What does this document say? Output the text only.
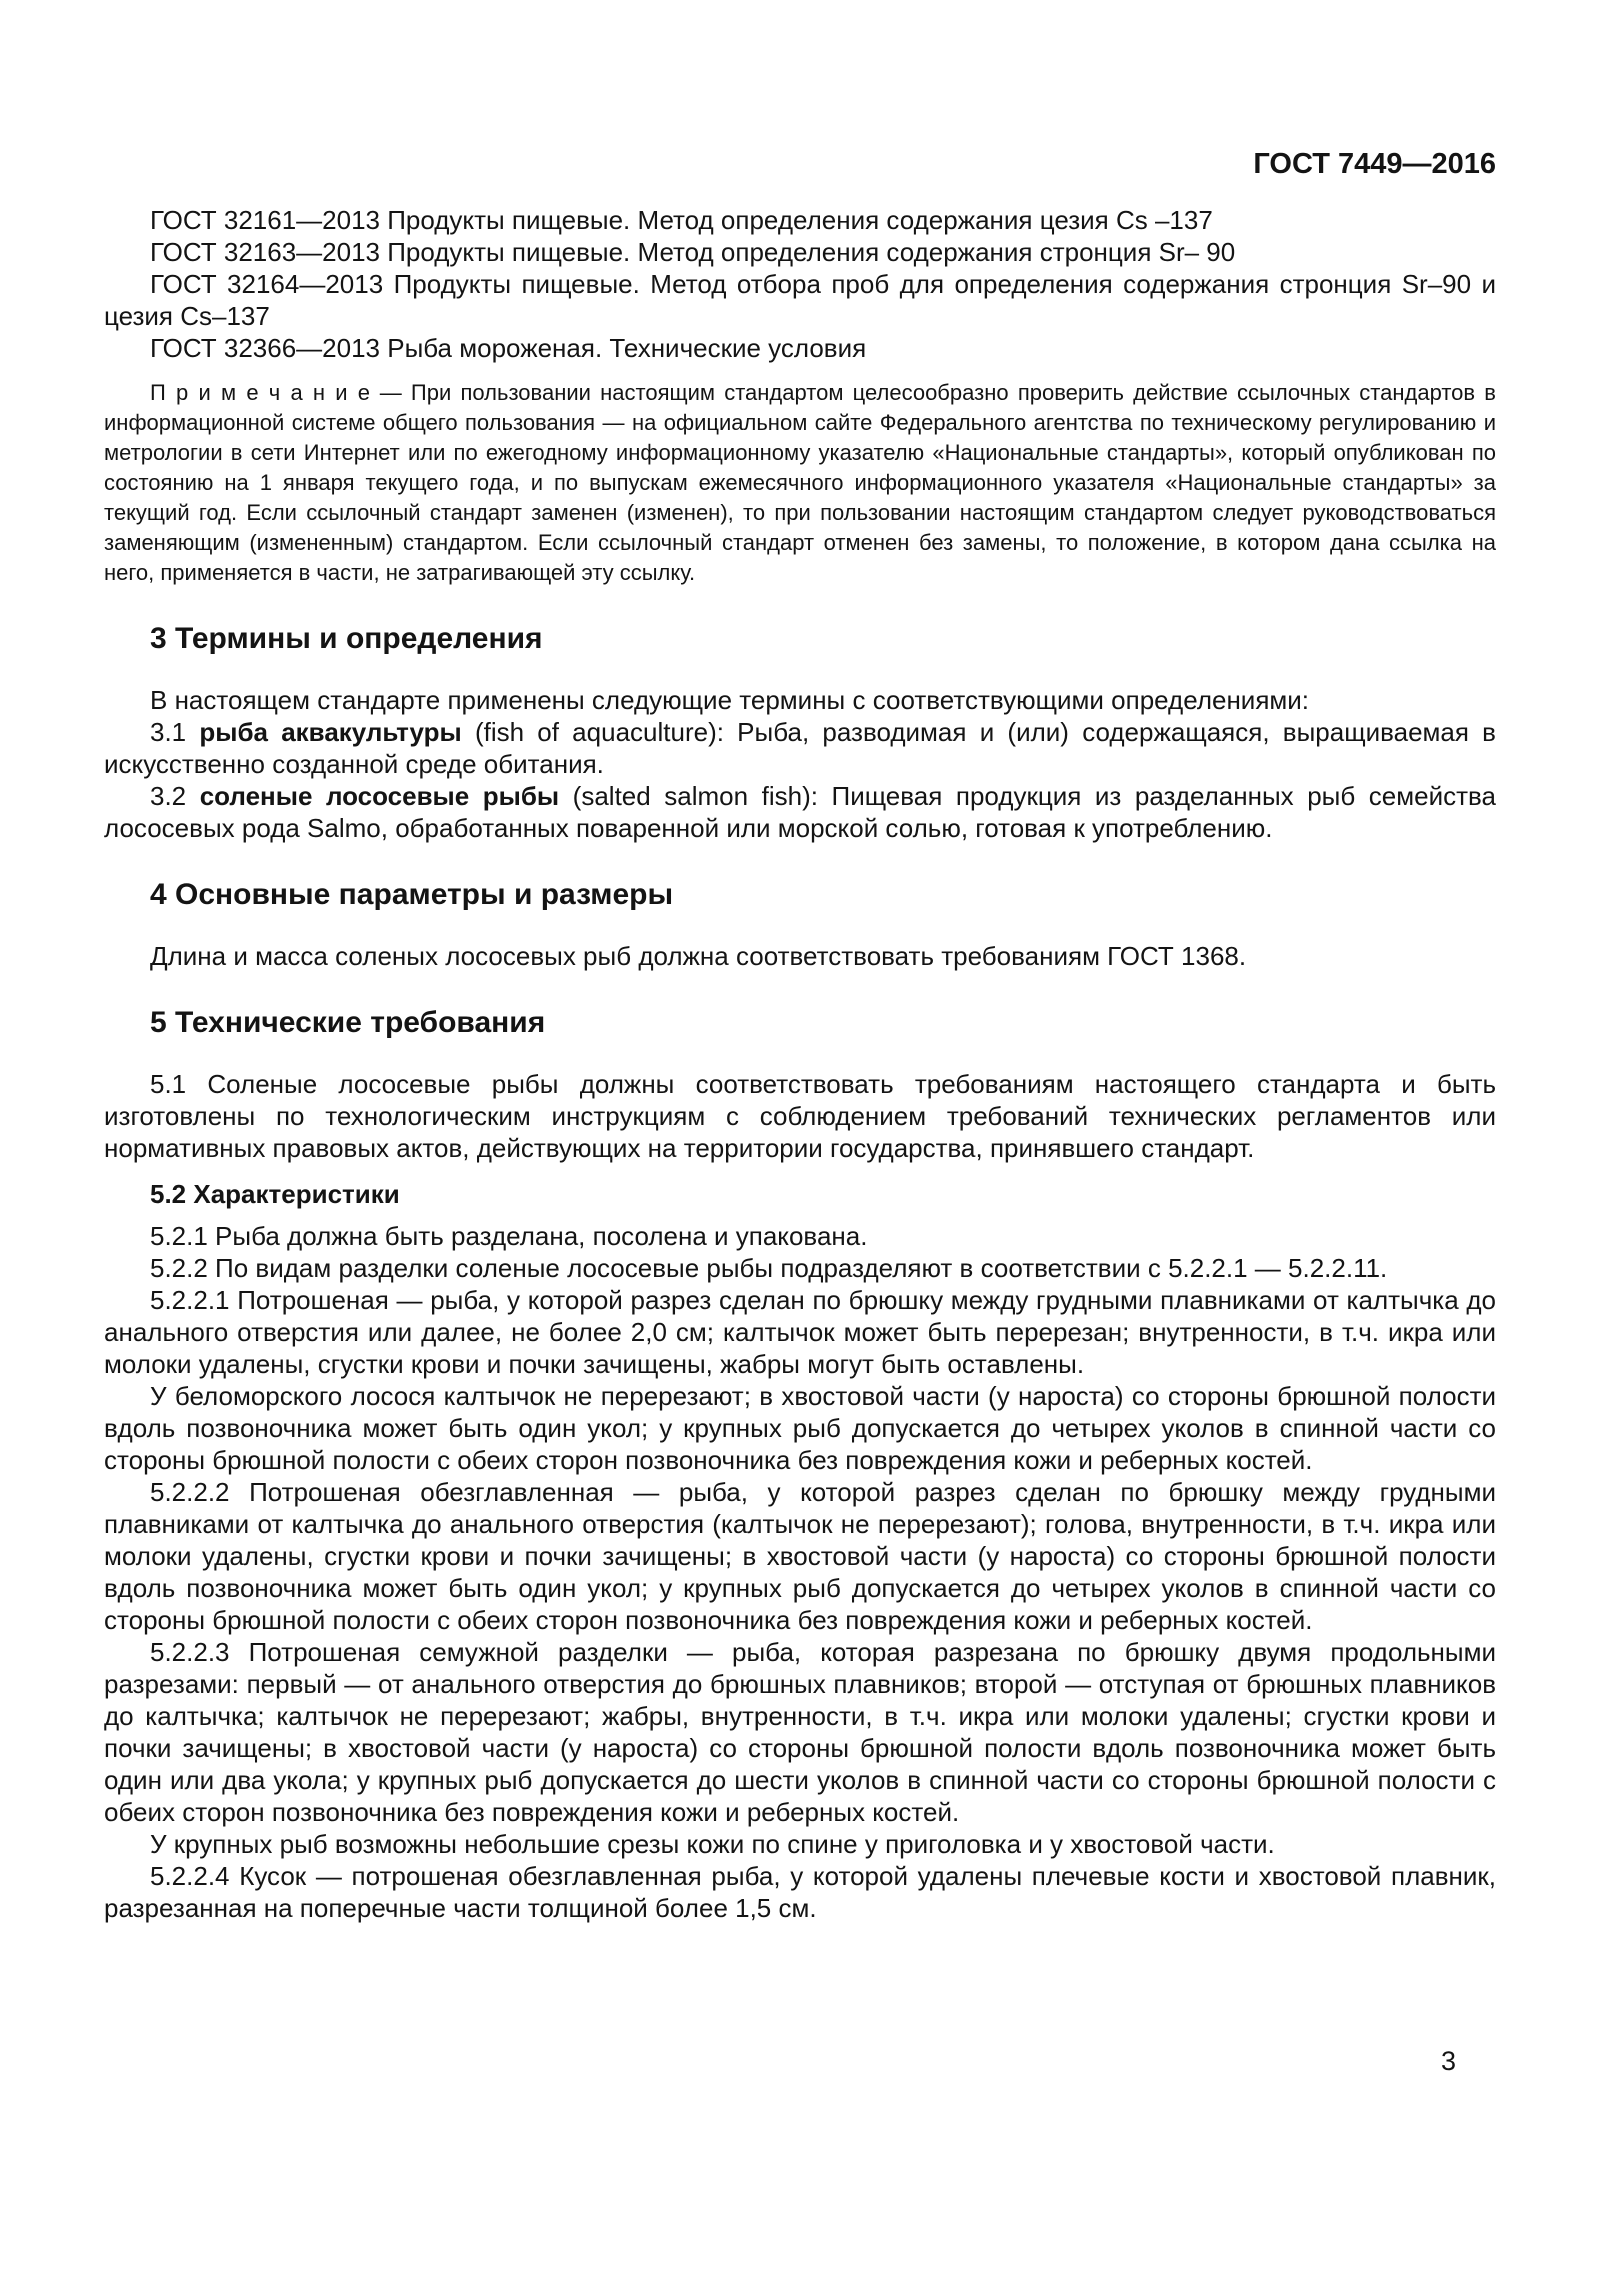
ГОСТ 7449—2016

ГОСТ 32161—2013 Продукты пищевые. Метод определения содержания цезия Cs –137

ГОСТ 32163—2013 Продукты пищевые. Метод определения содержания стронция Sr– 90

ГОСТ 32164—2013 Продукты пищевые. Метод отбора проб для определения содержания стронция Sr–90 и цезия Cs–137

ГОСТ 32366—2013 Рыба мороженая. Технические условия

П р и м е ч а н и е — При пользовании настоящим стандартом целесообразно проверить действие ссылочных стандартов в информационной системе общего пользования — на официальном сайте Федерального агентства по техническому регулированию и метрологии в сети Интернет или по ежегодному информационному указателю «Национальные стандарты», который опубликован по состоянию на 1 января текущего года, и по выпускам ежемесячного информационного указателя «Национальные стандарты» за текущий год. Если ссылочный стандарт заменен (изменен), то при пользовании настоящим стандартом следует руководствоваться заменяющим (измененным) стандартом. Если ссылочный стандарт отменен без замены, то положение, в котором дана ссылка на него, применяется в части, не затрагивающей эту ссылку.

3 Термины и определения

В настоящем стандарте применены следующие термины с соответствующими определениями:

3.1 рыба аквакультуры (fish of aquaculture): Рыба, разводимая и (или) содержащаяся, выращиваемая в искусственно созданной среде обитания.

3.2 соленые лососевые рыбы (salted salmon fish): Пищевая продукция из разделанных рыб семейства лососевых рода Salmo, обработанных поваренной или морской солью, готовая к употреблению.

4 Основные параметры и размеры

Длина и масса соленых лососевых рыб должна соответствовать требованиям ГОСТ 1368.

5 Технические требования

5.1 Соленые лососевые рыбы должны соответствовать требованиям настоящего стандарта и быть изготовлены по технологическим инструкциям с соблюдением требований технических регламентов или нормативных правовых актов, действующих на территории государства, принявшего стандарт.

5.2 Характеристики

5.2.1 Рыба должна быть разделана, посолена и упакована.

5.2.2 По видам разделки соленые лососевые рыбы подразделяют в соответствии с 5.2.2.1 — 5.2.2.11.

5.2.2.1 Потрошеная — рыба, у которой разрез сделан по брюшку между грудными плавниками от калтычка до анального отверстия или далее, не более 2,0 см; калтычок может быть перерезан; внутренности, в т.ч. икра или молоки удалены, сгустки крови и почки зачищены, жабры могут быть оставлены.

У беломорского лосося калтычок не перерезают; в хвостовой части (у нароста) со стороны брюшной полости вдоль позвоночника может быть один укол; у крупных рыб допускается до четырех уколов в спинной части со стороны брюшной полости с обеих сторон позвоночника без повреждения кожи и реберных костей.

5.2.2.2 Потрошеная обезглавленная — рыба, у которой разрез сделан по брюшку между грудными плавниками от калтычка до анального отверстия (калтычок не перерезают); голова, внутренности, в т.ч. икра или молоки удалены, сгустки крови и почки зачищены; в хвостовой части (у нароста) со стороны брюшной полости вдоль позвоночника может быть один укол; у крупных рыб допускается до четырех уколов в спинной части со стороны брюшной полости с обеих сторон позвоночника без повреждения кожи и реберных костей.

5.2.2.3 Потрошеная семужной разделки — рыба, которая разрезана по брюшку двумя продольными разрезами: первый — от анального отверстия до брюшных плавников; второй — отступая от брюшных плавников до калтычка; калтычок не перерезают; жабры, внутренности, в т.ч. икра или молоки удалены; сгустки крови и почки зачищены; в хвостовой части (у нароста) со стороны брюшной полости вдоль позвоночника может быть один или два укола; у крупных рыб допускается до шести уколов в спинной части со стороны брюшной полости с обеих сторон позвоночника без повреждения кожи и реберных костей.

У крупных рыб возможны небольшие срезы кожи по спине у приголовка и у хвостовой части.

5.2.2.4 Кусок — потрошеная обезглавленная рыба, у которой удалены плечевые кости и хвостовой плавник, разрезанная на поперечные части толщиной более 1,5 см.

3
